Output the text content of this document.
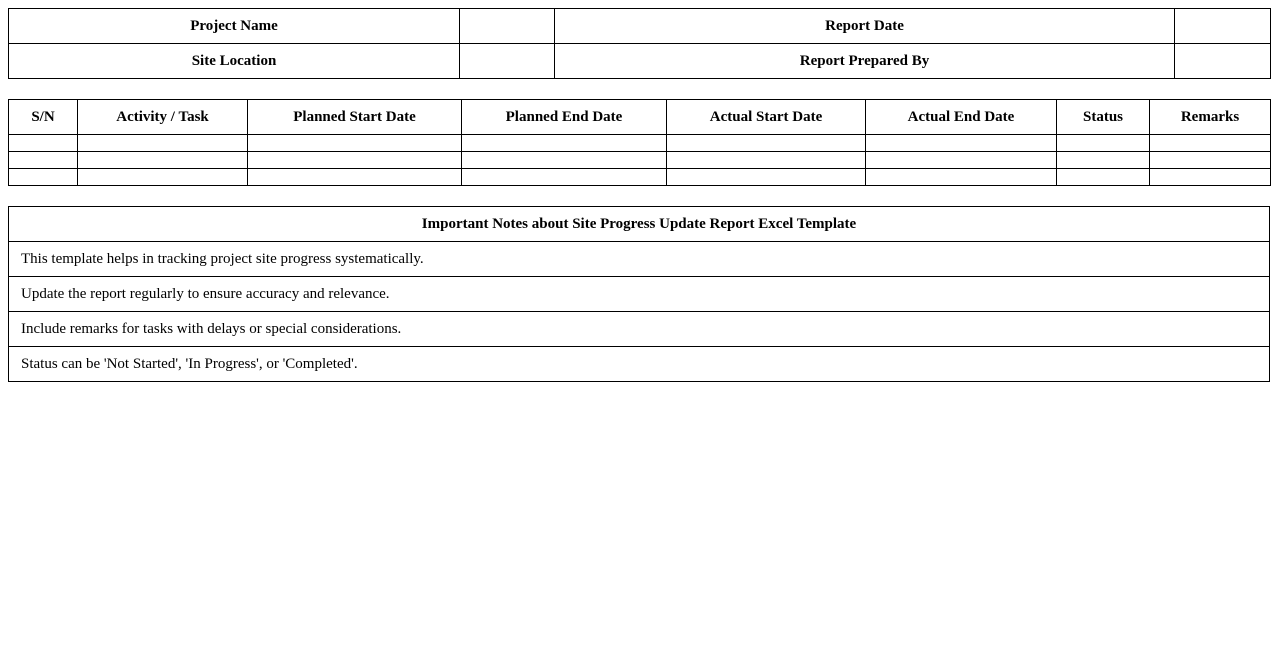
Project Name		Report Date	
Site Location		Report Prepared By	
S/N	Activity / Task	Planned Start Date	Planned End Date	Actual Start Date	Actual End Date	Status	Remarks

Important Notes about Site Progress Update Report Excel Template
This template helps in tracking project site progress systematically.
Update the report regularly to ensure accuracy and relevance.
Include remarks for tasks with delays or special considerations.
Status can be 'Not Started', 'In Progress', or 'Completed'.
